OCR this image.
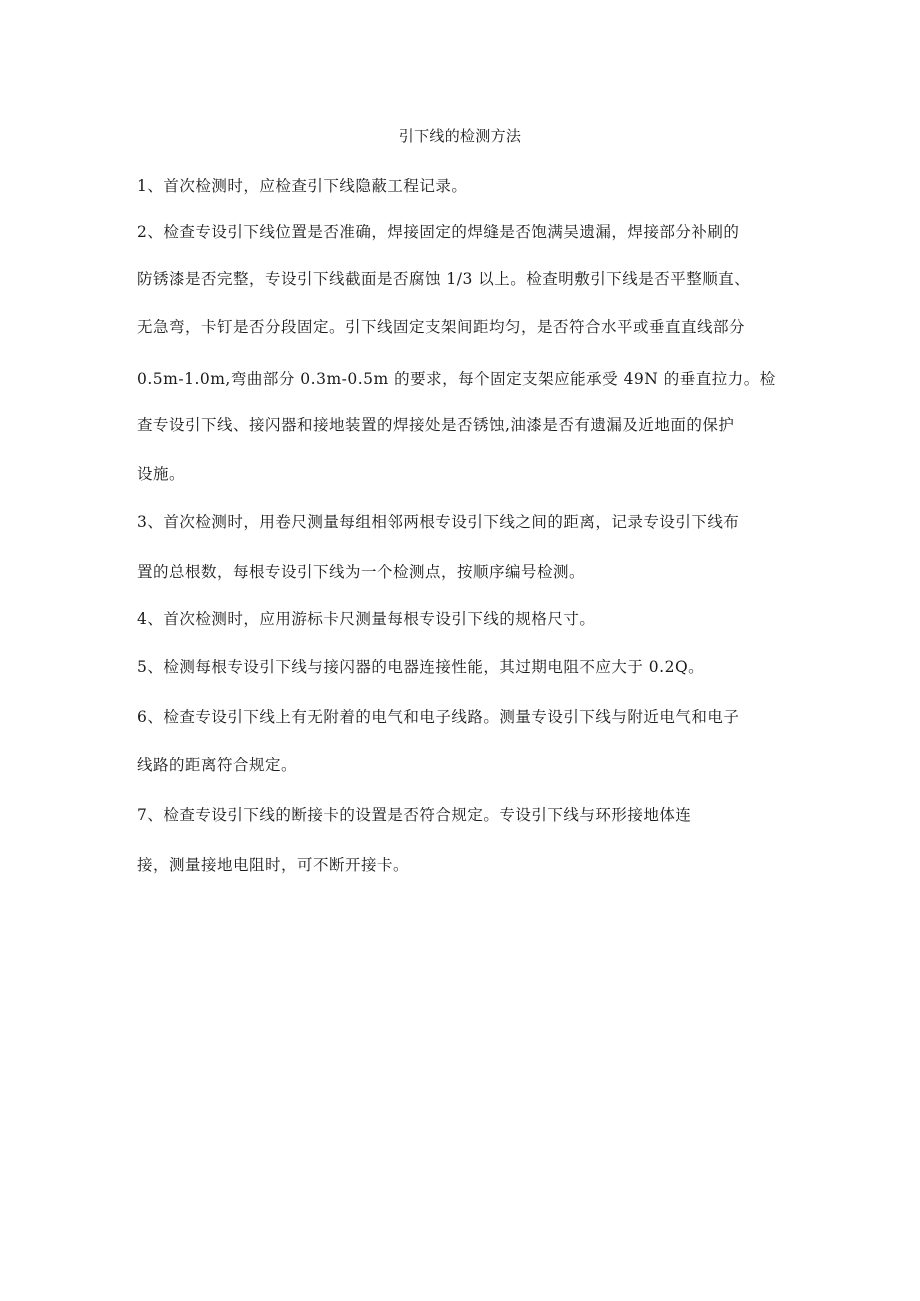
引下线的检测方法
1、首次检测时，应检查引下线隐蔽工程记录。
2、检查专设引下线位置是否准确，焊接固定的焊缝是否饱满吴遗漏，焊接部分补刷的
防锈漆是否完整，专设引下线截面是否腐蚀 1/3 以上。检查明敷引下线是否平整顺直、
无急弯，卡钉是否分段固定。引下线固定支架间距均匀，是否符合水平或垂直直线部分
0.5m-1.0m,弯曲部分 0.3m-0.5m 的要求，每个固定支架应能承受 49N 的垂直拉力。检
查专设引下线、接闪器和接地装置的焊接处是否锈蚀,油漆是否有遗漏及近地面的保护
设施。
3、首次检测时，用卷尺测量每组相邻两根专设引下线之间的距离，记录专设引下线布
置的总根数，每根专设引下线为一个检测点，按顺序编号检测。
4、首次检测时，应用游标卡尺测量每根专设引下线的规格尺寸。
5、检测每根专设引下线与接闪器的电器连接性能，其过期电阻不应大于 0.2Q。
6、检查专设引下线上有无附着的电气和电子线路。测量专设引下线与附近电气和电子
线路的距离符合规定。
7、检查专设引下线的断接卡的设置是否符合规定。专设引下线与环形接地体连
接，测量接地电阻时，可不断开接卡。
